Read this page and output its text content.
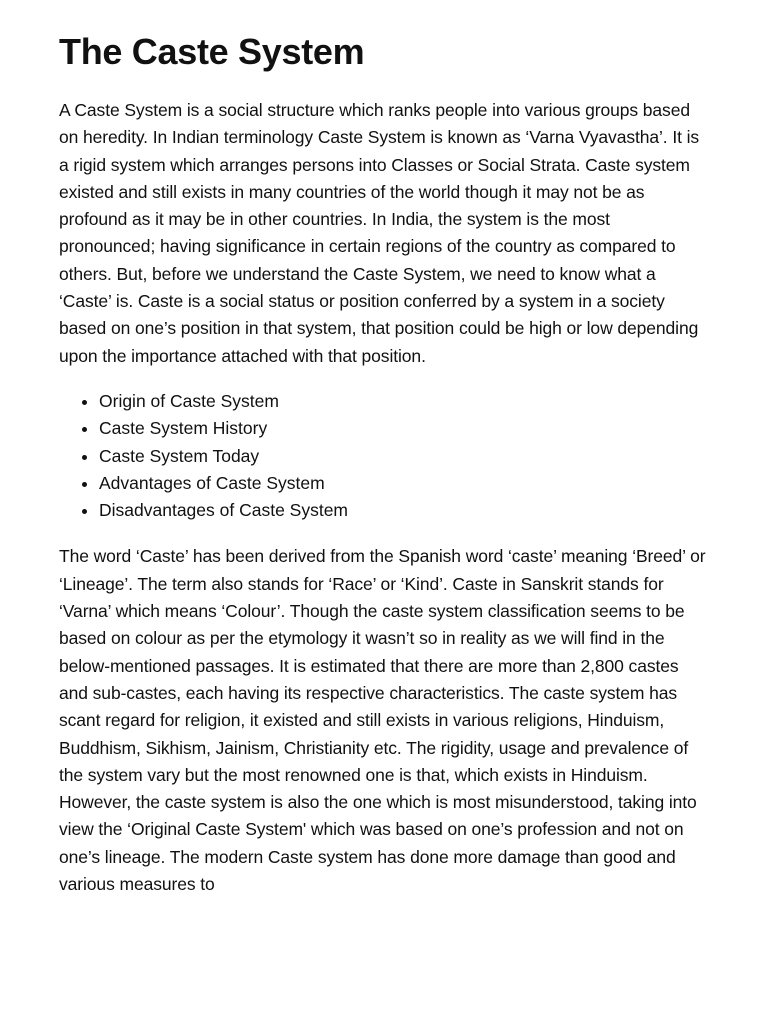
The Caste System

A Caste System is a social structure which ranks people into various groups based on heredity. In Indian terminology Caste System is known as ‘Varna Vyavastha’. It is a rigid system which arranges persons into Classes or Social Strata. Caste system existed and still exists in many countries of the world though it may not be as profound as it may be in other countries. In India, the system is the most pronounced; having significance in certain regions of the country as compared to others. But, before we understand the Caste System, we need to know what a ‘Caste’ is. Caste is a social status or position conferred by a system in a society based on one’s position in that system, that position could be high or low depending upon the importance attached with that position.

• Origin of Caste System
• Caste System History
• Caste System Today
• Advantages of Caste System
• Disadvantages of Caste System

The word ‘Caste’ has been derived from the Spanish word ‘caste’ meaning ‘Breed’ or ‘Lineage’. The term also stands for ‘Race’ or ‘Kind’. Caste in Sanskrit stands for ‘Varna’ which means ‘Colour’. Though the caste system classification seems to be based on colour as per the etymology it wasn’t so in reality as we will find in the below-mentioned passages. It is estimated that there are more than 2,800 castes and sub-castes, each having its respective characteristics. The caste system has scant regard for religion, it existed and still exists in various religions, Hinduism, Buddhism, Sikhism, Jainism, Christianity etc. The rigidity, usage and prevalence of the system vary but the most renowned one is that, which exists in Hinduism. However, the caste system is also the one which is most misunderstood, taking into view the ‘Original Caste System' which was based on one’s profession and not on one’s lineage. The modern Caste system has done more damage than good and various measures to
